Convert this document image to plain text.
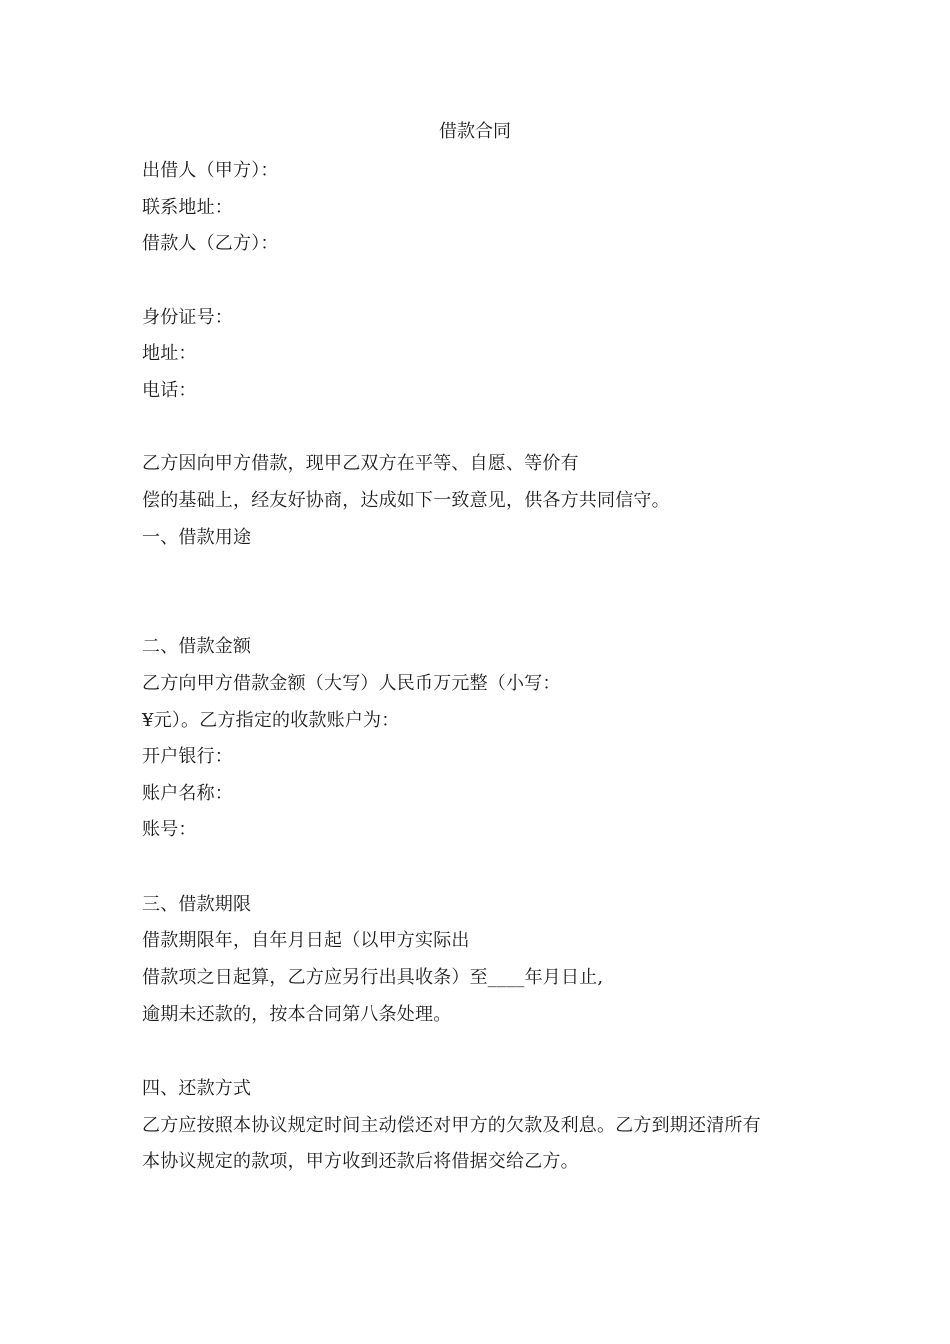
借款合同
出借人（甲方）：
联系地址：
借款人（乙方）：
身份证号：
地址：
电话：
乙方因向甲方借款，现甲乙双方在平等、自愿、等价有
偿的基础上，经友好协商，达成如下一致意见，供各方共同信守。
一、借款用途
二、借款金额
乙方向甲方借款金额（大写）人民币万元整（小写：
¥元）。乙方指定的收款账户为：
开户银行：
账户名称：
账号：
三、借款期限
借款期限年，自年月日起（以甲方实际出
借款项之日起算，乙方应另行出具收条）至____年月日止,
逾期未还款的，按本合同第八条处理。
四、还款方式
乙方应按照本协议规定时间主动偿还对甲方的欠款及利息。乙方到期还清所有
本协议规定的款项，甲方收到还款后将借据交给乙方。
